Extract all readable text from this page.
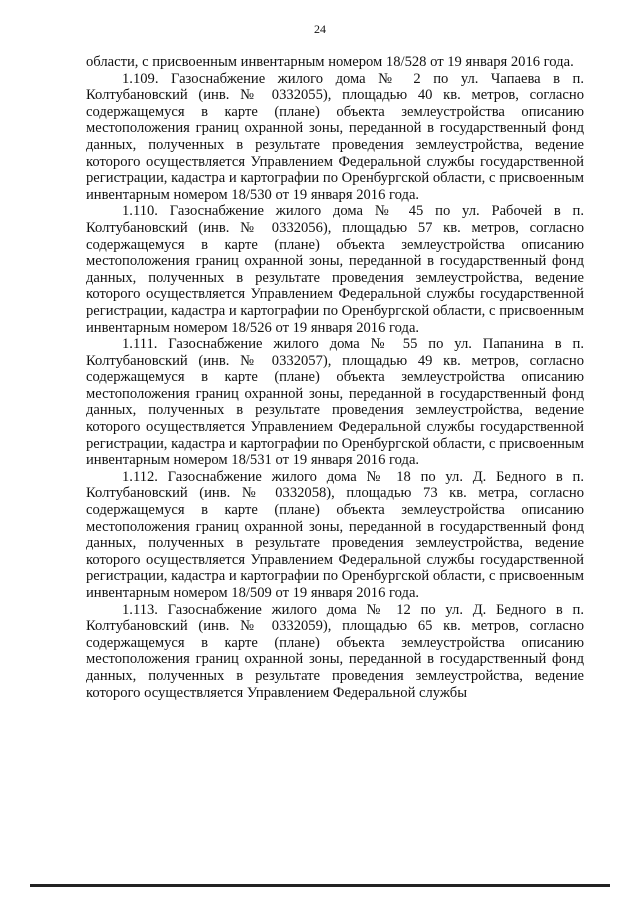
24

области, с присвоенным инвентарным номером 18/528 от 19 января 2016 года.

1.109. Газоснабжение жилого дома № 2 по ул. Чапаева в п. Колтубановский (инв. № 0332055), площадью 40 кв. метров, согласно содержащемуся в карте (плане) объекта землеустройства описанию местоположения границ охранной зоны, переданной в государственный фонд данных, полученных в результате проведения землеустройства, ведение которого осуществляется Управлением Федеральной службы государственной регистрации, кадастра и картографии по Оренбургской области, с присвоенным инвентарным номером 18/530 от 19 января 2016 года.

1.110. Газоснабжение жилого дома № 45 по ул. Рабочей в п. Колтубановский (инв. № 0332056), площадью 57 кв. метров, согласно содержащемуся в карте (плане) объекта землеустройства описанию местоположения границ охранной зоны, переданной в государственный фонд данных, полученных в результате проведения землеустройства, ведение которого осуществляется Управлением Федеральной службы государственной регистрации, кадастра и картографии по Оренбургской области, с присвоенным инвентарным номером 18/526 от 19 января 2016 года.

1.111. Газоснабжение жилого дома № 55 по ул. Папанина в п. Колтубановский (инв. № 0332057), площадью 49 кв. метров, согласно содержащемуся в карте (плане) объекта землеустройства описанию местоположения границ охранной зоны, переданной в государственный фонд данных, полученных в результате проведения землеустройства, ведение которого осуществляется Управлением Федеральной службы государственной регистрации, кадастра и картографии по Оренбургской области, с присвоенным инвентарным номером 18/531 от 19 января 2016 года.

1.112. Газоснабжение жилого дома № 18 по ул. Д. Бедного в п. Колтубановский (инв. № 0332058), площадью 73 кв. метра, согласно содержащемуся в карте (плане) объекта землеустройства описанию местоположения границ охранной зоны, переданной в государственный фонд данных, полученных в результате проведения землеустройства, ведение которого осуществляется Управлением Федеральной службы государственной регистрации, кадастра и картографии по Оренбургской области, с присвоенным инвентарным номером 18/509 от 19 января 2016 года.

1.113. Газоснабжение жилого дома № 12 по ул. Д. Бедного в п. Колтубановский (инв. № 0332059), площадью 65 кв. метров, согласно содержащемуся в карте (плане) объекта землеустройства описанию местоположения границ охранной зоны, переданной в государственный фонд данных, полученных в результате проведения землеустройства, ведение которого осуществляется Управлением Федеральной службы
